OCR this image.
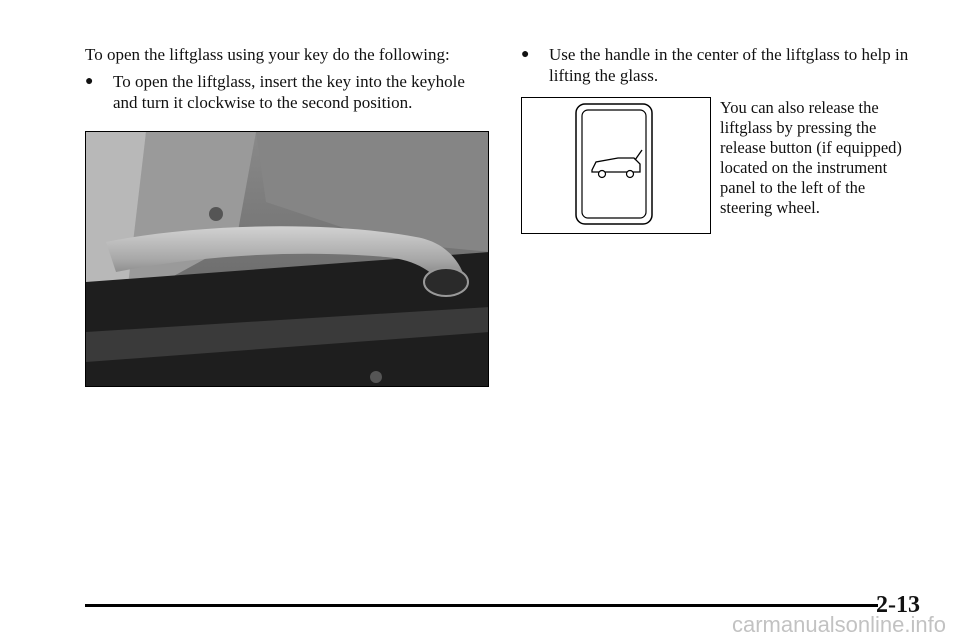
To open the liftglass using your key do the following:
● To open the liftglass, insert the key into the keyhole
and turn it clockwise to the second position.
● Use the handle in the center of the liftglass to help in
lifting the glass.
You can also release the
liftglass by pressing the
release button (if equipped)
located on the instrument
panel to the left of the
steering wheel.
2-13
carmanualsonline.info
